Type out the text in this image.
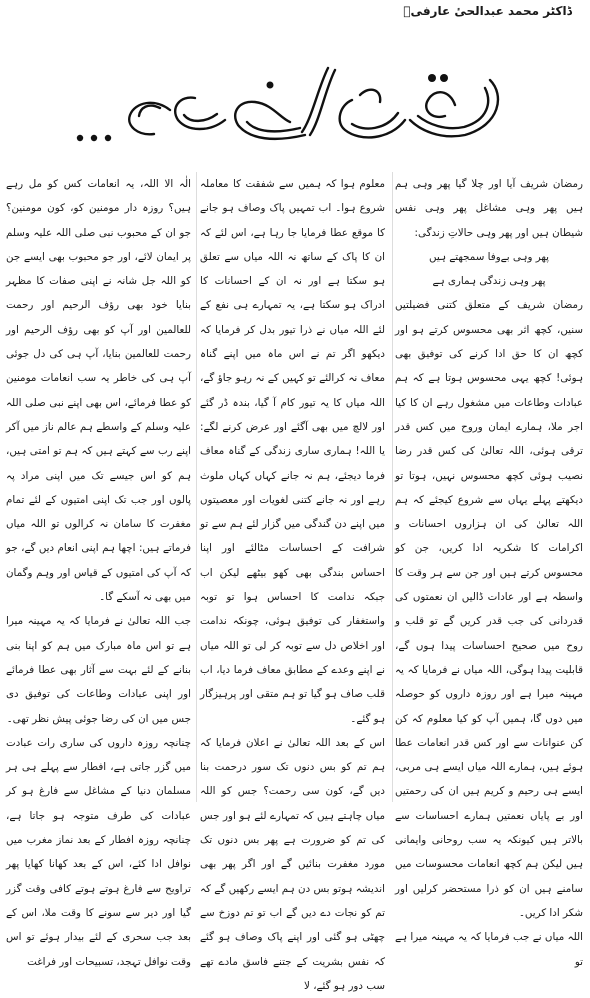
ڈاکٹر محمد عبدالحیٔ عارفیؒ

رمضان شریف آیا اور چلا گیا پھر وہی ہم ہیں پھر وہی مشاغل پھر وہی نفس شیطان ہیں اور پھر وہی حالاتِ زندگی:

پھر وہی بےوفا سمجھتے ہیں

پھر وہی زندگی ہماری ہے

رمضان شریف کے متعلق کتنی فضیلتیں سنیں، کچھ اثر بھی محسوس کرتے ہو اور کچھ ان کا حق ادا کرنے کی توفیق بھی ہوئی! کچھ یہی محسوس ہوتا ہے کہ ہم عبادات وطاعات میں مشغول رہے ان کا کیا اجر ملا، ہمارے ایمان وروح میں کس قدر ترقی ہوئی، اللہ تعالیٰ کی کس قدر رضا نصیب ہوئی کچھ محسوس نہیں، ہوتا تو دیکھتے پہلے یہاں سے شروع کیجئے کہ ہم اللہ تعالیٰ کی ان ہزاروں احسانات و اکرامات کا شکریہ ادا کریں، جن کو محسوس کرتے ہیں اور جن سے ہر وقت کا واسطہ ہے اور عادات ڈالیں ان نعمتوں کی قدردانی کی جب قدر کریں گے تو قلب و روح میں صحیح احساسات پیدا ہوں گے، قابلیت پیدا ہوگی، اللہ میاں نے فرمایا کہ یہ مہینہ میرا ہے اور روزہ داروں کو حوصلہ میں دوں گا، ہمیں آپ کو کیا معلوم کہ کن کن عنوانات سے اور کس قدر انعامات عطا ہوئے ہیں، ہمارے اللہ میاں ایسے ہی مربی، ایسے ہی رحیم و کریم ہیں ان کی رحمتیں اور بے پایاں نعمتیں ہمارے احساسات سے بالاتر ہیں کیونکہ یہ سب روحانی وایمانی ہیں لیکن ہم کچھ انعامات محسوسات میں سامنے ہیں ان کو ذرا مستحضر کرلیں اور شکر ادا کریں۔

اللہ میاں نے جب فرمایا کہ یہ مہینہ میرا ہے تو

معلوم ہوا کہ ہمیں سے شفقت کا معاملہ شروع ہوا۔ اب تمہیں پاک وصاف ہو جانے کا موقع عطا فرمایا جا رہا ہے، اس لئے کہ ان کا پاک کے ساتھ نہ اللہ میاں سے تعلق ہو سکتا ہے اور نہ ان کے احسانات کا ادراک ہو سکتا ہے، یہ تمہارے ہی نفع کے لئے اللہ میاں نے ذرا تیور بدل کر فرمایا کہ دیکھو اگر تم نے اس ماہ میں اپنے گناہ معاف نہ کرالئے تو کہیں کے نہ رہو جاؤ گے، اللہ میاں کا یہ تیور کام آ گیا، بندہ ڈر گئے اور لالچ میں بھی آگئے اور عرض کرنے لگے: یا اللہ! ہماری ساری زندگی کے گناہ معاف فرما دیجئے، ہم نہ جانے کہاں کہاں ملوث رہے اور نہ جانے کتنی لغویات اور معصیتوں میں اپنے دن گندگی میں گزار لئے ہم سے تو شرافت کے احساسات مٹالئے اور اپنا احساس بندگی بھی کھو بیٹھے لیکن اب جبکہ ندامت کا احساس ہوا تو توبہ واستغفار کی توفیق ہوئی، چونکہ ندامت اور اخلاص دل سے توبہ کر لی تو اللہ میاں نے اپنے وعدے کے مطابق معاف فرما دیا، اب قلب صاف ہو گیا تو ہم متقی اور پرہیزگار ہو گئے۔

اس کے بعد اللہ تعالیٰ نے اعلان فرمایا کہ ہم تم کو بس دنوں تک سور درحمت بنا دیں گے، کون سی رحمت؟ جس کو اللہ میاں چاہتے ہیں کہ تمہارے لئے ہو اور جس کی تم کو ضرورت ہے پھر بس دنوں تک مورد مغفرت بنائیں گے اور اگر پھر بھی اندیشہ ہوتو بس دن ہم ایسے رکھیں گے کہ تم کو نجات دے دیں گے اب تو تم دوزخ سے چھٹی ہو گئی اور اپنے پاک وصاف ہو گئے کہ نفس بشریت کے جتنے فاسق مادے تھے سب دور ہو گئے، لا

الٰہ الا اللہ، یہ انعامات کس کو مل رہے ہیں؟ روزہ دار مومنین کو، کون مومنین؟ جو ان کے محبوب نبی صلی اللہ علیہ وسلم پر ایمان لائے، اور جو محبوب بھی ایسے جن کو اللہ جل شانہ نے اپنی صفات کا مظہر بنایا خود بھی رؤف الرحیم اور رحمت للعالمین اور آپ کو بھی رؤف الرحیم اور رحمت للعالمین بنایا، آپ ہی کی دل جوئی آپ ہی کی خاطر یہ سب انعامات مومنین کو عطا فرمائے، اس بھی اپنے نبی صلی اللہ علیہ وسلم کے واسطے ہم عالم ناز میں آکر اپنے رب سے کہتے ہیں کہ ہم تو امتی ہیں، ہم کو اس جیسے تک میں اپنی مراد پہ پالوں اور جب تک اپنی امتیوں کے لئے تمام مغفرت کا سامان نہ کرالوں تو اللہ میاں فرماتے ہیں: اچھا ہم اپنی انعام دیں گے، جو کہ آپ کی امتیوں کے قیاس اور وہم وگمان میں بھی نہ آسکے گا۔

جب اللہ تعالیٰ نے فرمایا کہ یہ مہینہ میرا ہے تو اس ماہ مبارک میں ہم کو اپنا بنی بنانے کے لئے بہت سے آثار بھی عطا فرمائے اور اپنی عبادات وطاعات کی توفیق دی جس میں ان کی رضا جوئی پیش نظر تھی۔

چنانچہ روزہ داروں کی ساری رات عبادت میں گزر جاتی ہے، افطار سے پہلے ہی ہر مسلمان دنیا کے مشاغل سے فارغ ہو کر عبادات کی طرف متوجہ ہو جاتا ہے، چنانچہ روزہ افطار کے بعد نماز مغرب میں نوافل ادا کئے، اس کے بعد کھانا کھایا پھر تراویح سے فارغ ہوتے ہوتے کافی وقت گزر گیا اور دیر سے سونے کا وقت ملا، اس کے بعد جب سحری کے لئے بیدار ہوئے تو اس وقت نوافل تہجد، تسبیحات اور فراغت
